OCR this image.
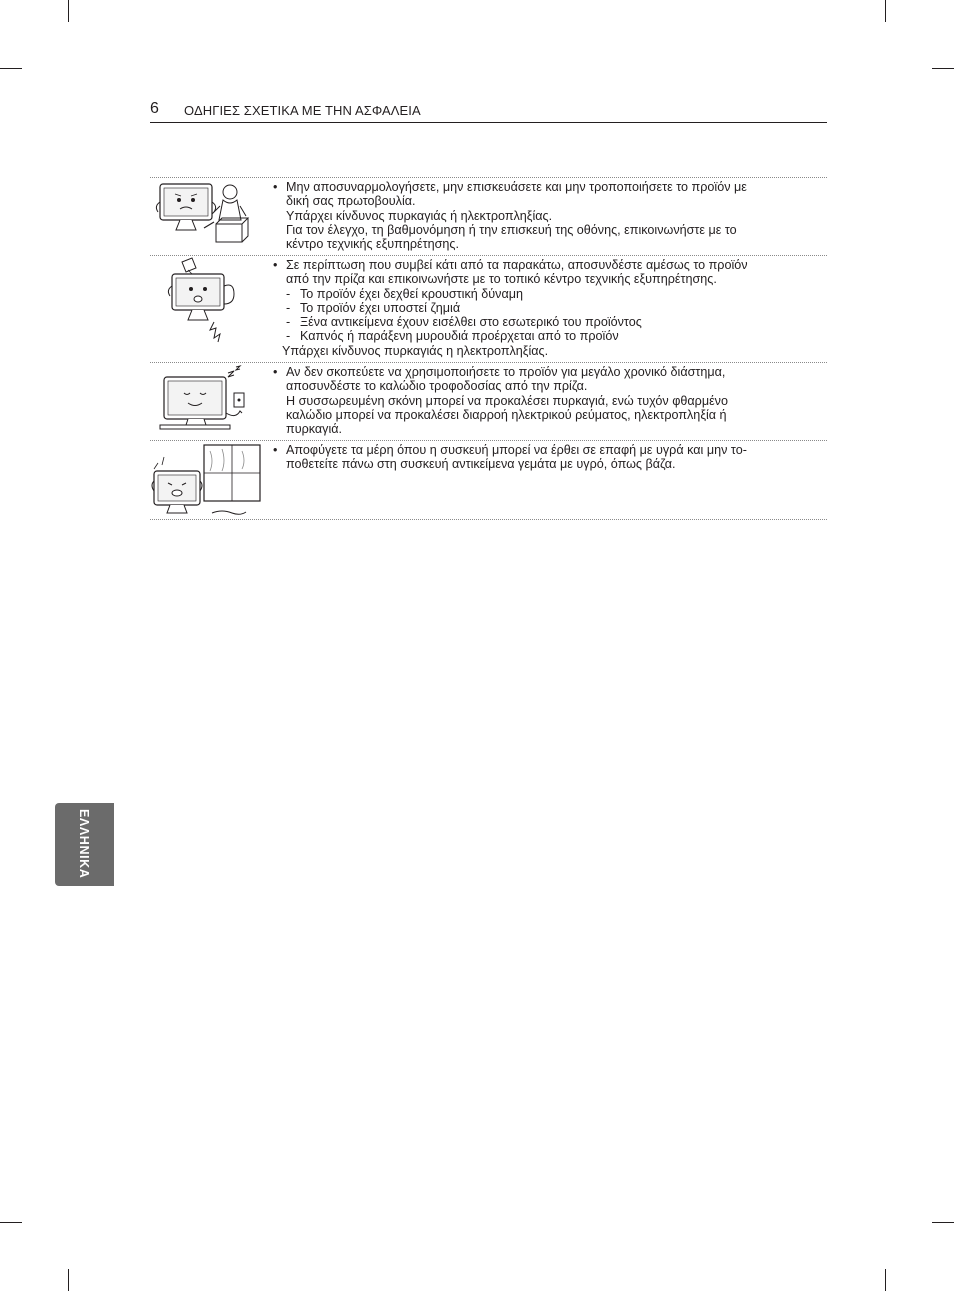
6 ΟΔΗΓΙΕΣ ΣΧΕΤΙΚΑ ΜΕ ΤΗΝ ΑΣΦΑΛΕΙΑ
• Μην αποσυναρμολογήσετε, μην επισκευάσετε και μην τροποποιήσετε το προϊόν με
δική σας πρωτοβουλία.
Υπάρχει κίνδυνος πυρκαγιάς ή ηλεκτροπληξίας.
Για τον έλεγχο, τη βαθμονόμηση ή την επισκευή της οθόνης, επικοινωνήστε με το
κέντρο τεχνικής εξυπηρέτησης.
• Σε περίπτωση που συμβεί κάτι από τα παρακάτω, αποσυνδέστε αμέσως το προϊόν
από την πρίζα και επικοινωνήστε με το τοπικό κέντρο τεχνικής εξυπηρέτησης.
- Το προϊόν έχει δεχθεί κρουστική δύναμη
- Το προϊόν έχει υποστεί ζημιά
- Ξένα αντικείμενα έχουν εισέλθει στο εσωτερικό του προϊόντος
- Καπνός ή παράξενη μυρουδιά προέρχεται από το προϊόν
Υπάρχει κίνδυνος πυρκαγιάς η ηλεκτροπληξίας.
• Αν δεν σκοπεύετε να χρησιμοποιήσετε το προϊόν για μεγάλο χρονικό διάστημα,
αποσυνδέστε το καλώδιο τροφοδοσίας από την πρίζα.
Η συσσωρευμένη σκόνη μπορεί να προκαλέσει πυρκαγιά, ενώ τυχόν φθαρμένο
καλώδιο μπορεί να προκαλέσει διαρροή ηλεκτρικού ρεύματος, ηλεκτροπληξία ή
πυρκαγιά.
• Αποφύγετε τα μέρη όπου η συσκευή μπορεί να έρθει σε επαφή με υγρά και μην το-
ποθετείτε πάνω στη συσκευή αντικείμενα γεμάτα με υγρό, όπως βάζα.
ΕΛΛΗΝΙΚΑ
